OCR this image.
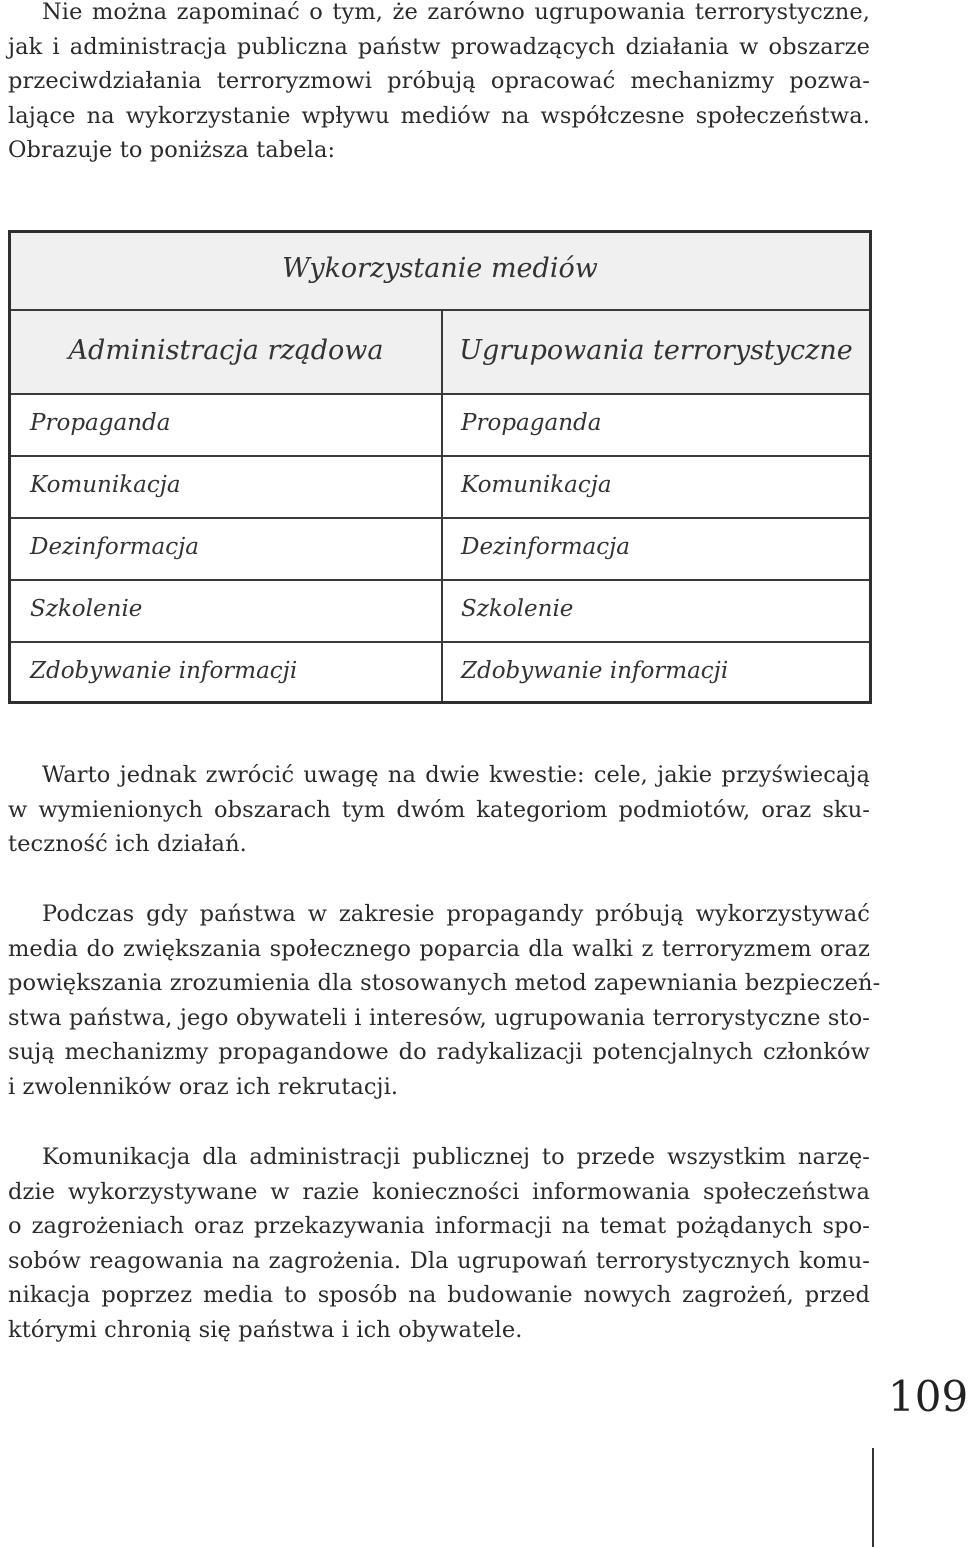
Nie można zapominać o tym, że zarówno ugrupowania terrorystyczne,
jak i administracja publiczna państw prowadzących działania w obszarze
przeciwdziałania terroryzmowi próbują opracować mechanizmy pozwa-
lające na wykorzystanie wpływu mediów na współczesne społeczeństwa.
Obrazuje to poniższa tabela:
Wykorzystanie mediów
Administracja rządowa	Ugrupowania terrorystyczne
Propaganda
Komunikacja
Dezinformacja
Szkolenie
Zdobywanie informacji
Propaganda
Komunikacja
Dezinformacja
Szkolenie
Zdobywanie informacji
Warto jednak zwrócić uwagę na dwie kwestie: cele, jakie przyświecają
w wymienionych obszarach tym dwóm kategoriom podmiotów, oraz sku-
teczność ich działań.
Podczas gdy państwa w zakresie propagandy próbują wykorzystywać
media do zwiększania społecznego poparcia dla walki z terroryzmem oraz
powiększania zrozumienia dla stosowanych metod zapewniania bezpieczeń-
stwa państwa, jego obywateli i interesów, ugrupowania terrorystyczne sto-
sują mechanizmy propagandowe do radykalizacji potencjalnych członków
i zwolenników oraz ich rekrutacji.
Komunikacja dla administracji publicznej to przede wszystkim narzę-
dzie wykorzystywane w razie konieczności informowania społeczeństwa
o zagrożeniach oraz przekazywania informacji na temat pożądanych spo-
sobów reagowania na zagrożenia. Dla ugrupowań terrorystycznych komu-
nikacja poprzez media to sposób na budowanie nowych zagrożeń, przed
którymi chronią się państwa i ich obywatele.
109
